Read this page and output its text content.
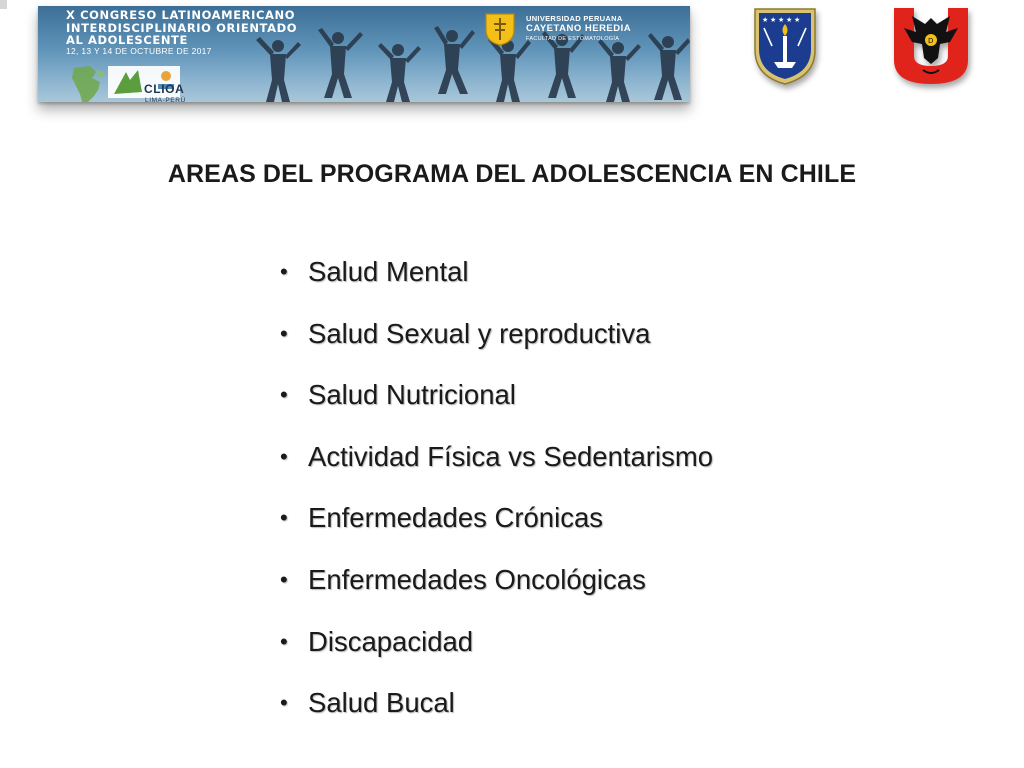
X CONGRESO LATINOAMERICANO
INTERDISCIPLINARIO ORIENTADO
AL ADOLESCENTE
12, 13 Y 14 DE OCTUBRE DE 2017
CLIOA
LIMA-PERÚ
UNIVERSIDAD PERUANA
CAYETANO HEREDIA
FACULTAD DE ESTOMATOLOGÍA
★ ★ ★ ★ ★
D
AREAS DEL PROGRAMA DEL ADOLESCENCIA EN CHILE
• Salud Mental
• Salud Sexual y reproductiva
• Salud Nutricional
• Actividad Física vs Sedentarismo
• Enfermedades Crónicas
• Enfermedades Oncológicas
• Discapacidad
• Salud Bucal
